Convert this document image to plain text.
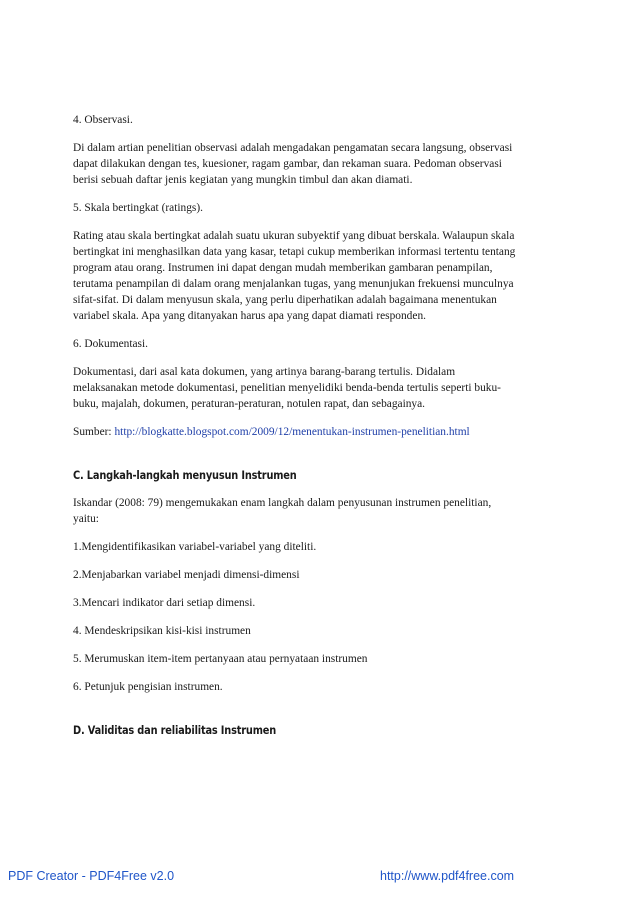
4. Observasi.

Di dalam artian penelitian observasi adalah mengadakan pengamatan secara langsung, observasi

dapat dilakukan dengan tes, kuesioner, ragam gambar, dan rekaman suara. Pedoman observasi

berisi sebuah daftar jenis kegiatan yang mungkin timbul dan akan diamati.

5. Skala bertingkat (ratings).

Rating atau skala bertingkat adalah suatu ukuran subyektif yang dibuat berskala. Walaupun skala

bertingkat ini menghasilkan data yang kasar, tetapi cukup memberikan informasi tertentu tentang

program atau orang. Instrumen ini dapat dengan mudah memberikan gambaran penampilan,

terutama penampilan di dalam orang menjalankan tugas, yang menunjukan frekuensi munculnya

sifat-sifat. Di dalam menyusun skala, yang perlu diperhatikan adalah bagaimana menentukan

variabel skala. Apa yang ditanyakan harus apa yang dapat diamati responden.

6. Dokumentasi.

Dokumentasi, dari asal kata dokumen, yang artinya barang-barang tertulis. Didalam

melaksanakan metode dokumentasi, penelitian menyelidiki benda-benda tertulis seperti buku-

buku, majalah, dokumen, peraturan-peraturan, notulen rapat, dan sebagainya.

Sumber: http://blogkatte.blogspot.com/2009/12/menentukan-instrumen-penelitian.html

C. Langkah-langkah menyusun Instrumen

Iskandar (2008: 79) mengemukakan enam langkah dalam penyusunan instrumen penelitian,

yaitu:

1.Mengidentifikasikan variabel-variabel yang diteliti.

2.Menjabarkan variabel menjadi dimensi-dimensi

3.Mencari indikator dari setiap dimensi.

4. Mendeskripsikan kisi-kisi instrumen

5. Merumuskan item-item pertanyaan atau pernyataan instrumen

6. Petunjuk pengisian instrumen.

D. Validitas dan reliabilitas Instrumen

PDF Creator - PDF4Free v2.0	http://www.pdf4free.com
